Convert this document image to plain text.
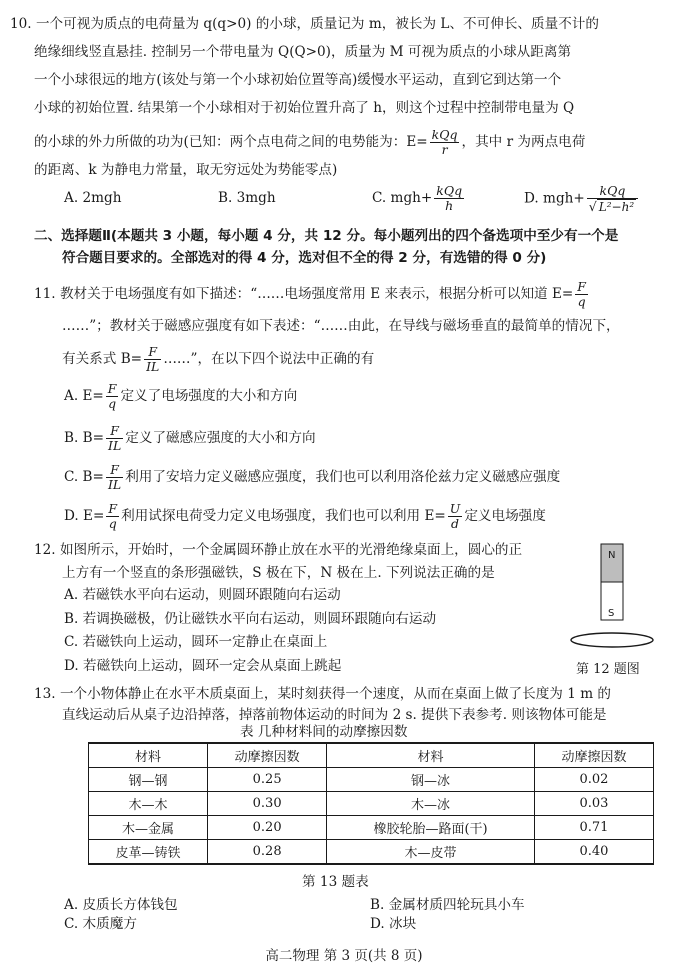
10. 一个可视为质点的电荷量为 q(q>0) 的小球，质量记为 m，被长为 L、不可伸长、质量不计的
绝缘细线竖直悬挂. 控制另一个带电量为 Q(Q>0)，质量为 M 可视为质点的小球从距离第
一个小球很远的地方(该处与第一个小球初始位置等高)缓慢水平运动，直到它到达第一个
小球的初始位置. 结果第一个小球相对于初始位置升高了 h，则这个过程中控制带电量为 Q
的小球的外力所做的功为(已知：两个点电荷之间的电势能为：$E= \frac{\text{kQq}}{r}$ ，其中 r 为两点电荷
的距离、k 为静电力常量，取无穷远处为势能零点)
A. 2mgh	B. 3mgh	C. $mgh+ \frac{\text{kQq}}{h}$	D. $mgh+ \frac{\text{kQq}}{\text{√ L²−h²}}$
二、选择题Ⅱ(本题共 3 小题，每小题 4 分，共 12 分。每小题列出的四个备选项中至少有一个是
符合题目要求的。全部选对的得 4 分，选对但不全的得 2 分，有选错的得 0 分)
11. 教材关于电场强度有如下描述：“……电场强度常用 E 来表示，根据分析可以知道 $E= \frac{F}{q}$
……”；教材关于磁感应强度有如下表述：“……由此，在导线与磁场垂直的最简单的情况下，
有关系式 $B= \frac{F}{IL}$ ……”，在以下四个说法中正确的有
A. $E= \frac{F}{q}$ 定义了电场强度的大小和方向
B. $B= \frac{F}{IL}$ 定义了磁感应强度的大小和方向
C. $B= \frac{F}{IL}$ 利用了安培力定义磁感应强度，我们也可以利用洛伦兹力定义磁感应强度
D. $E= \frac{F}{q}$ 利用试探电荷受力定义电场强度，我们也可以利用 $E= \frac{U}{d}$ 定义电场强度
12. 如图所示，开始时，一个金属圆环静止放在水平的光滑绝缘桌面上，圆心的正
上方有一个竖直的条形强磁铁，S 极在下，N 极在上. 下列说法正确的是
A. 若磁铁水平向右运动，则圆环跟随向右运动
B. 若调换磁极，仍让磁铁水平向右运动，则圆环跟随向右运动
C. 若磁铁向上运动，圆环一定静止在桌面上
D. 若磁铁向上运动，圆环一定会从桌面上跳起
N
S
第 12 题图
13. 一个小物体静止在水平木质桌面上，某时刻获得一个速度，从而在桌面上做了长度为 1 m 的
直线运动后从桌子边沿掉落，掉落前物体运动的时间为 2 s. 提供下表参考. 则该物体可能是
表 几种材料间的动摩擦因数
材料	动摩擦因数	材料	动摩擦因数
钢—钢	0.25	钢—冰	0.02
木—木	0.30	木—冰	0.03
木—金属	0.20	橡胶轮胎—路面(干)	0.71
皮革—铸铁	0.28	木—皮带	0.40
第 13 题表
A. 皮质长方体钱包	B. 金属材质四轮玩具小车
C. 木质魔方	D. 冰块
高二物理 第 3 页(共 8 页)
